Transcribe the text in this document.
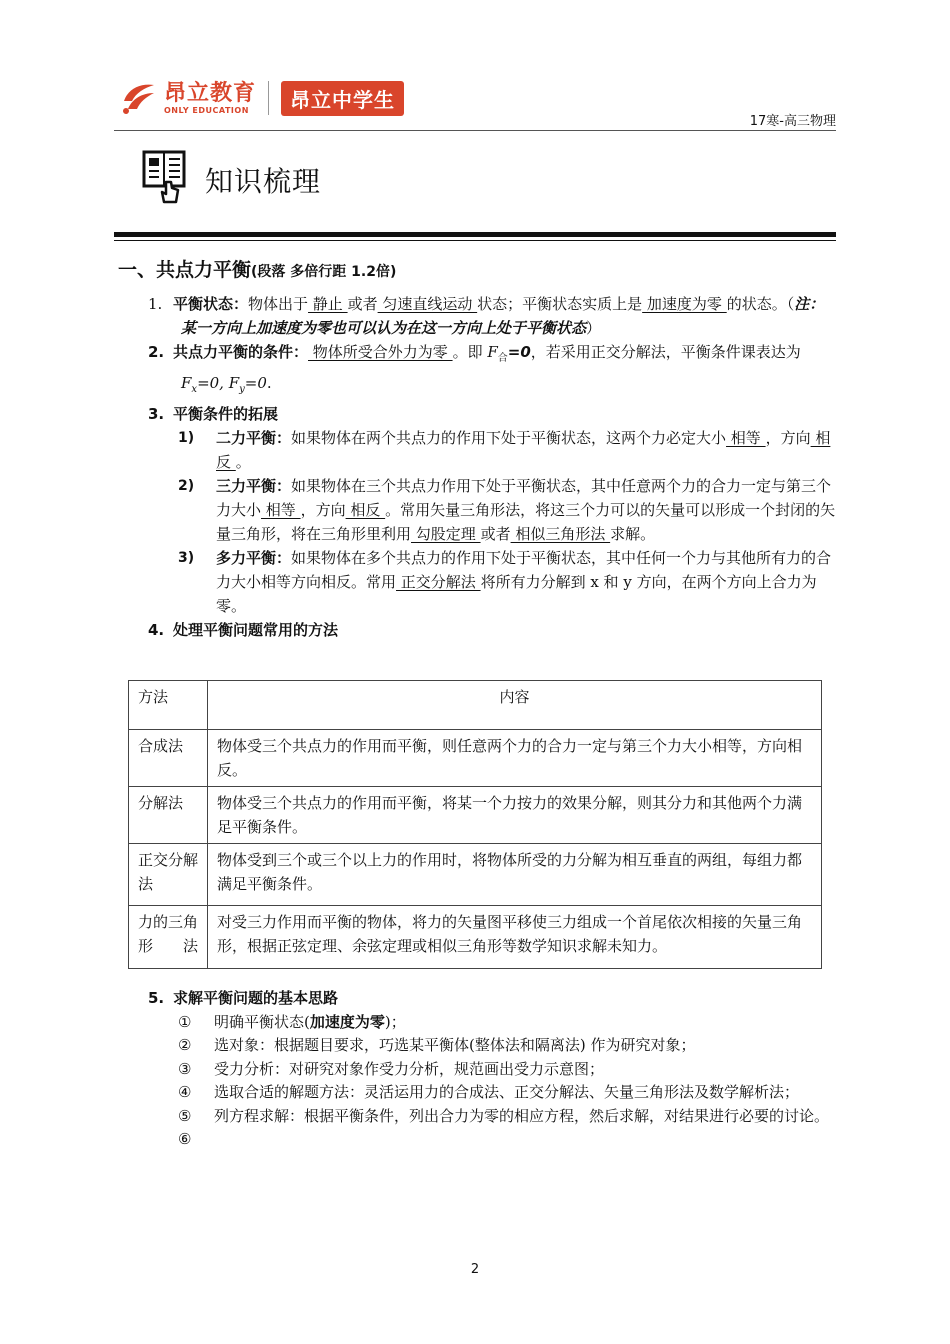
昂立教育
ONLY EDUCATION	昂立中学生
17寒-高三物理
知识梳理
一、共点力平衡(段落 多倍行距 1.2倍)

1. 平衡状态：物体出于 静止 或者 匀速直线运动 状态；平衡状态实质上是 加速度为零 的状态。（注：某一方向上加速度为零也可以认为在这一方向上处于平衡状态）

2. 共点力平衡的条件： 物体所受合外力为零 。即 $F_合=0$，若采用正交分解法，平衡条件课表达为$F_x=0$, $F_y=0$.

3. 平衡条件的拓展

1) 二力平衡：如果物体在两个共点力的作用下处于平衡状态，这两个力必定大小 相等 ，方向 相反 。

2) 三力平衡：如果物体在三个共点力作用下处于平衡状态，其中任意两个力的合力一定与第三个力大小 相等 ，方向 相反 。常用矢量三角形法，将这三个力可以的矢量可以形成一个封闭的矢量三角形，将在三角形里利用 勾股定理 或者 相似三角形法 求解。

3) 多力平衡：如果物体在多个共点力的作用下处于平衡状态，其中任何一个力与其他所有力的合力大小相等方向相反。常用 正交分解法 将所有力分解到 x 和 y 方向，在两个方向上合力为零。

4. 处理平衡问题常用的方法

方法	内容
合成法	物体受三个共点力的作用而平衡，则任意两个力的合力一定与第三个力大小相等，方向相反。
分解法	物体受三个共点力的作用而平衡，将某一个力按力的效果分解，则其分力和其他两个力满足平衡条件。
正交分解法	物体受到三个或三个以上力的作用时，将物体所受的力分解为相互垂直的两组，每组力都满足平衡条件。
力的三角形法	对受三力作用而平衡的物体，将力的矢量图平移使三力组成一个首尾依次相接的矢量三角形，根据正弦定理、余弦定理或相似三角形等数学知识求解未知力。

5. 求解平衡问题的基本思路

① 明确平衡状态(加速度为零)；

② 选对象：根据题目要求，巧选某平衡体(整体法和隔离法) 作为研究对象；

③ 受力分析：对研究对象作受力分析，规范画出受力示意图；

④ 选取合适的解题方法：灵活运用力的合成法、正交分解法、矢量三角形法及数学解析法；

⑤ 列方程求解：根据平衡条件，列出合力为零的相应方程，然后求解，对结果进行必要的讨论。

⑥

2
